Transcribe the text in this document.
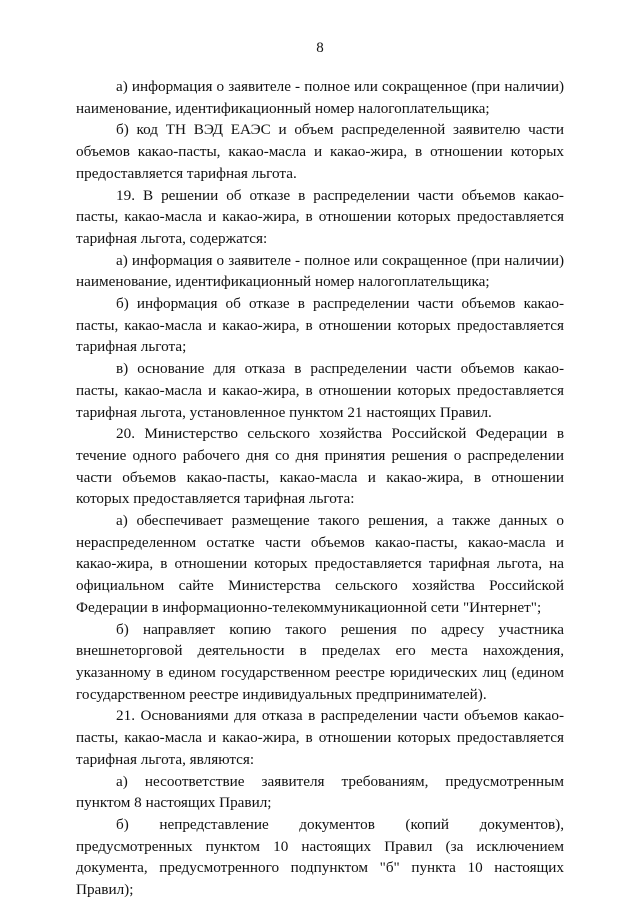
8

а) информация о заявителе - полное или сокращенное (при наличии) наименование, идентификационный номер налогоплательщика;

б) код ТН ВЭД ЕАЭС и объем распределенной заявителю части объемов какао-пасты, какао-масла и какао-жира, в отношении которых предоставляется тарифная льгота.

19. В решении об отказе в распределении части объемов какао-пасты, какао-масла и какао-жира, в отношении которых предоставляется тарифная льгота, содержатся:

а) информация о заявителе - полное или сокращенное (при наличии) наименование, идентификационный номер налогоплательщика;

б) информация об отказе в распределении части объемов какао-пасты, какао-масла и какао-жира, в отношении которых предоставляется тарифная льгота;

в) основание для отказа в распределении части объемов какао-пасты, какао-масла и какао-жира, в отношении которых предоставляется тарифная льгота, установленное пунктом 21 настоящих Правил.

20. Министерство сельского хозяйства Российской Федерации в течение одного рабочего дня со дня принятия решения о распределении части объемов какао-пасты, какао-масла и какао-жира, в отношении которых предоставляется тарифная льгота:

а) обеспечивает размещение такого решения, а также данных о нераспределенном остатке части объемов какао-пасты, какао-масла и какао-жира, в отношении которых предоставляется тарифная льгота, на официальном сайте Министерства сельского хозяйства Российской Федерации в информационно-телекоммуникационной сети "Интернет";

б) направляет копию такого решения по адресу участника внешнеторговой деятельности в пределах его места нахождения, указанному в едином государственном реестре юридических лиц (едином государственном реестре индивидуальных предпринимателей).

21. Основаниями для отказа в распределении части объемов какао-пасты, какао-масла и какао-жира, в отношении которых предоставляется тарифная льгота, являются:

а) несоответствие заявителя требованиям, предусмотренным пунктом 8 настоящих Правил;

б) непредставление документов (копий документов), предусмотренных пунктом 10 настоящих Правил (за исключением документа, предусмотренного подпунктом "б" пункта 10 настоящих Правил);
